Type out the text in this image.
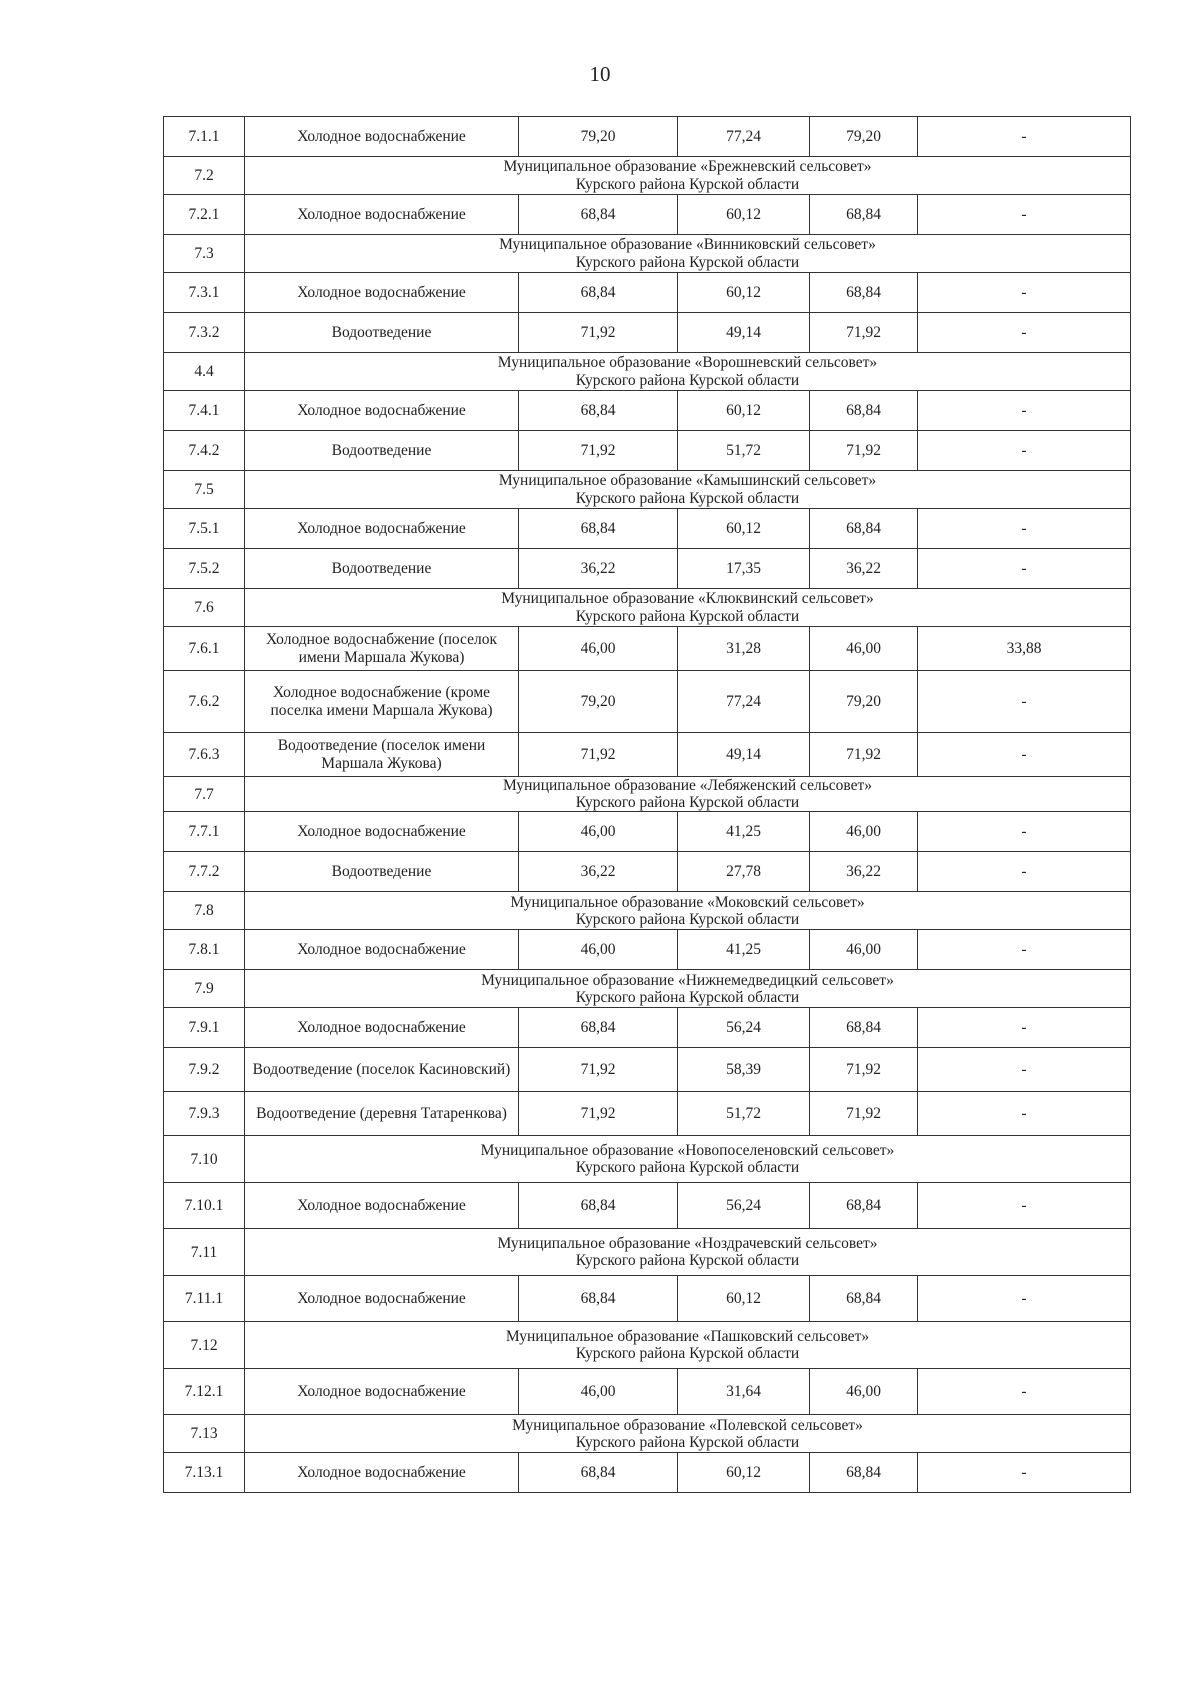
10
7.1.1	Холодное водоснабжение	79,20	77,24	79,20	-
7.2	Муниципальное образование «Брежневский сельсовет»
Курского района Курской области				

7.2.1	Холодное водоснабжение	68,84	60,12	68,84	-
7.3	Муниципальное образование «Винниковский сельсовет»
Курского района Курской области				

7.3.1	Холодное водоснабжение	68,84	60,12	68,84	-
7.3.2	Водоотведение	71,92	49,14	71,92	-
4.4	Муниципальное образование «Ворошневский сельсовет»
Курского района Курской области				

7.4.1	Холодное водоснабжение	68,84	60,12	68,84	-
7.4.2	Водоотведение	71,92	51,72	71,92	-
7.5	Муниципальное образование «Камышинский сельсовет»
Курского района Курской области				

7.5.1	Холодное водоснабжение	68,84	60,12	68,84	-
7.5.2	Водоотведение	36,22	17,35	36,22	-
7.6	Муниципальное образование «Клюквинский сельсовет»
Курского района Курской области				

7.6.1	Холодное водоснабжение (поселок имени Маршала Жукова)	46,00	31,28	46,00	33,88
7.6.2	Холодное водоснабжение (кроме поселка имени Маршала Жукова)	79,20	77,24	79,20	-
7.6.3	Водоотведение (поселок имени Маршала Жукова)	71,92	49,14	71,92	-
7.7	Муниципальное образование «Лебяженский сельсовет»
Курского района Курской области				

7.7.1	Холодное водоснабжение	46,00	41,25	46,00	-
7.7.2	Водоотведение	36,22	27,78	36,22	-
7.8	Муниципальное образование «Моковский сельсовет»
Курского района Курской области				

7.8.1	Холодное водоснабжение	46,00	41,25	46,00	-
7.9	Муниципальное образование «Нижнемедведицкий сельсовет»
Курского района Курской области				

7.9.1	Холодное водоснабжение	68,84	56,24	68,84	-
7.9.2	Водоотведение (поселок Касиновский)	71,92	58,39	71,92	-
7.9.3	Водоотведение (деревня Татаренкова)	71,92	51,72	71,92	-
7.10	Муниципальное образование «Новопоселеновский сельсовет»
Курского района Курской области				

7.10.1	Холодное водоснабжение	68,84	56,24	68,84	-
7.11	Муниципальное образование «Ноздрачевский сельсовет»
Курского района Курской области				

7.11.1	Холодное водоснабжение	68,84	60,12	68,84	-
7.12	Муниципальное образование «Пашковский сельсовет»
Курского района Курской области				

7.12.1	Холодное водоснабжение	46,00	31,64	46,00	-
7.13	Муниципальное образование «Полевской сельсовет»
Курского района Курской области				

7.13.1	Холодное водоснабжение	68,84	60,12	68,84	-
